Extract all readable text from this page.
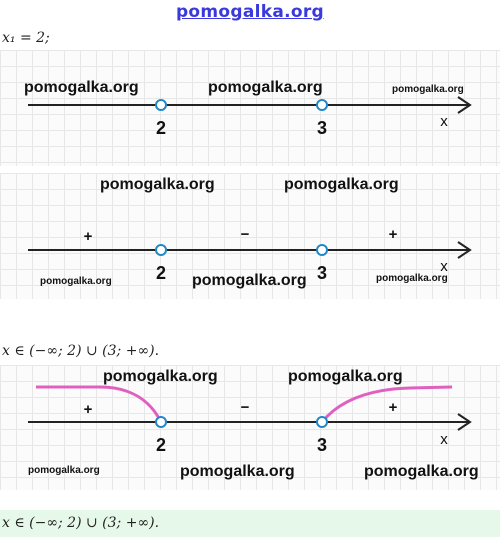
pomogalka.org
x₁ = 2;
2	3	x
pomogalka.org	pomogalka.org	pomogalka.org
2	3	x
+	−	+
pomogalka.org	pomogalka.org
pomogalka.org	pomogalka.org	pomogalka.org
x ∈ (−∞; 2) ∪ (3; +∞).
2	3	x
+	−	+
pomogalka.org	pomogalka.org
pomogalka.org	pomogalka.org	pomogalka.org
x ∈ (−∞; 2) ∪ (3; +∞).
